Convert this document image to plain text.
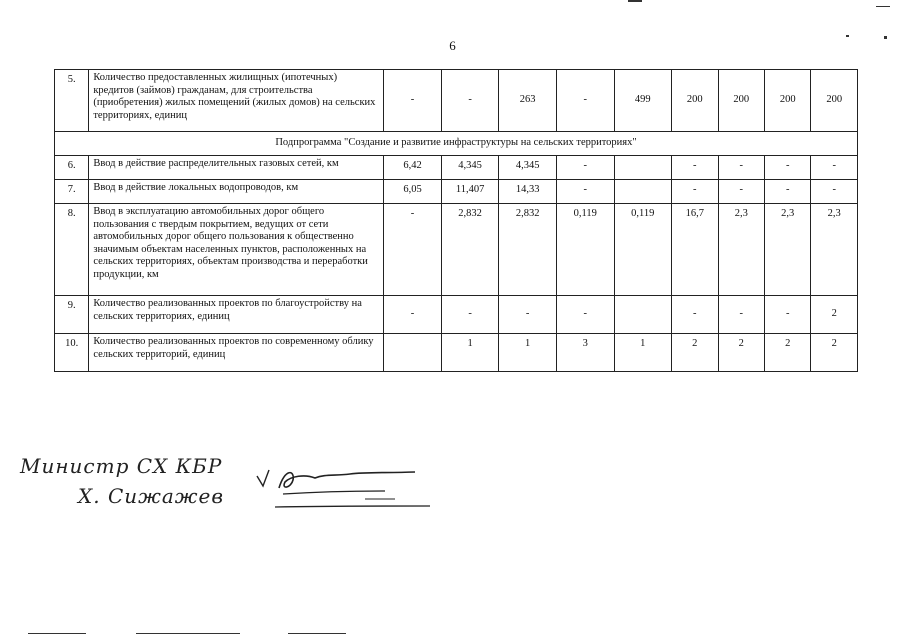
6
5.	Количество предоставленных жилищных (ипотечных) кредитов (займов) гражданам, для строительства (приобретения) жилых помещений (жилых домов) на сельских территориях, единиц	-	-	263	-	499	200	200	200	200
Подпрограмма "Создание и развитие инфраструктуры на сельских территориях"										
6.	Ввод в действие распределительных газовых сетей, км	6,42	4,345	4,345	-		-	-	-	-
7.	Ввод в действие локальных водопроводов, км	6,05	11,407	14,33	-		-	-	-	-
8.	Ввод в эксплуатацию автомобильных дорог общего пользования с твердым покрытием, ведущих от сети автомобильных дорог общего пользования к общественно значимым объектам населенных пунктов, расположенных на сельских территориях, объектам производства и переработки продукции, км	-	2,832	2,832	0,119	0,119	16,7	2,3	2,3	2,3
9.	Количество реализованных проектов по благоустройству на сельских территориях, единиц	-	-	-	-		-	-	-	2
10.	Количество реализованных проектов по современному облику сельских территорий, единиц		1	1	3	1	2	2	2	2
Министр СХ КБР
Х. Сижажев
